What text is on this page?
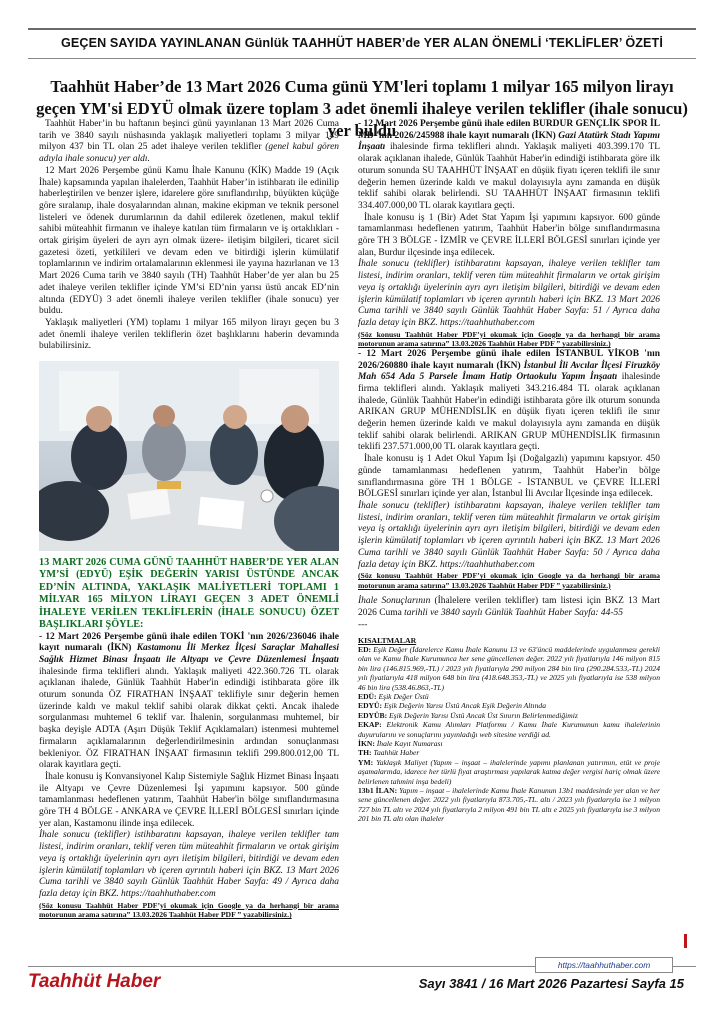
GEÇEN SAYIDA YAYINLANAN Günlük TAAHHÜT HABER’de YER ALAN ÖNEMLİ ‘TEKLİFLER’ ÖZETİ
Taahhüt Haber’de 13 Mart 2026 Cuma günü YM'leri toplamı 1 milyar 165 milyon lirayı geçen YM'si EDYÜ olmak üzere toplam 3 adet önemli ihaleye verilen teklifler (ihale sonucu) yer buldu

Taahhüt Haber’in bu haftanın beşinci günü yayınlanan 13 Mart 2026 Cuma tarih ve 3840 sayılı nüshasında yaklaşık maliyetleri toplamı 3 milyar 149 milyon 437 bin TL olan 25 adet ihaleye verilen teklifler (genel kabul gören adıyla ihale sonucu) yer aldı.

12 Mart 2026 Perşembe günü Kamu İhale Kanunu (KİK) Madde 19 (Açık İhale) kapsamında yapılan ihalelerden, Taahhüt Haber’in istihbaratı ile edinilip haberleştirilen ve benzer işlere, idarelere göre sınıflandırılıp, büyükten küçüğe göre sıralanıp, ihale dosyalarından alınan, makine ekipman ve teknik personel listeleri ve ödenek durumlarının da dahil edilerek özetlenen, makul teklif sahibi müteahhit firmanın ve ihaleye katılan tüm firmaların ve iş ortaklıkları -ortak girişim üyeleri de ayrı ayrı olmak üzere- iletişim bilgileri, ticaret sicil gazetesi özeti, yetkilileri ve devam eden ve bitirdiği işlerin kümülatif toplamlarının ve indirim ortalamalarının eklenmesi ile yayına hazırlanan ve 13 Mart 2026 Cuma tarih ve 3840 sayılı (TH) Taahhüt Haber’de yer alan bu 25 adet ihaleye verilen teklifler içinde YM’si ED’nin yarısı üstü ancak ED’nin altında (EDYÜ) 3 adet önemli ihaleye verilen teklifler (ihale sonucu) yer buldu.

Yaklaşık maliyetleri (YM) toplamı 1 milyar 165 milyon lirayı geçen bu 3 adet önemli ihaleye verilen tekliflerin özet başlıklarını haberin devamında bulabilirsiniz.

13 MART 2026 CUMA GÜNÜ TAAHHÜT HABER’DE YER ALAN YM’Sİ (EDYÜ) EŞİK DEĞERİN YARISI ÜSTÜNDE ANCAK ED’NİN ALTINDA, YAKLAŞIK MALİYETLERİ TOPLAMI 1 MİLYAR 165 MİLYON LİRAYI GEÇEN 3 ADET ÖNEMLİ İHALEYE VERİLEN TEKLİFLERİN (İHALE SONUCU) ÖZET BAŞLIKLARI ŞÖYLE:

- 12 Mart 2026 Perşembe günü ihale edilen TOKİ 'nın 2026/236046 ihale kayıt numaralı (İKN) Kastamonu İli Merkez İlçesi Saraçlar Mahallesi Sağlık Hizmet Binası İnşaatı ile Altyapı ve Çevre Düzenlemesi İnşaatı ihalesinde firma teklifleri alındı. Yaklaşık maliyeti 422.360.726 TL olarak açıklanan ihalede, Günlük Taahhüt Haber'in edindiği istihbarata göre ilk oturum sonunda ÖZ FIRATHAN İNŞAAT teklifiyle sınır değerin hemen üzerinde kaldı ve makul teklif sahibi olarak dikkat çekti. Ancak ihalede sorgulanması muhtemel 6 teklif var. İhalenin, sorgulanması muhtemel, bir başka deyişle ADTA (Aşırı Düşük Teklif Açıklamaları) istenmesi muhtemel firmaların açıklamalarının değerlendirilmesinin ardından sonuçlanması bekleniyor. ÖZ FIRATHAN İNŞAAT firmasının teklifi 299.800.012,00 TL olarak kayıtlara geçti.

İhale konusu iş Konvansiyonel Kalıp Sistemiyle Sağlık Hizmet Binası İnşaatı ile Altyapı ve Çevre Düzenlemesi İşi yapımını kapsıyor. 500 günde tamamlanması hedeflenen yatırım, Taahhüt Haber'in bölge sınıflandırmasına göre TH 4 BÖLGE - ANKARA ve ÇEVRE İLLERİ BÖLGESİ sınırları içinde yer alan, Kastamonu ilinde inşa edilecek.

İhale sonucu (teklifler) istihbaratını kapsayan, ihaleye verilen teklifler tam listesi, indirim oranları, teklif veren tüm müteahhit firmaların ve ortak girişim veya iş ortaklığı üyelerinin ayrı ayrı iletişim bilgileri, bitirdiği ve devam eden işlerin kümülatif toplamları vb içeren ayrıntılı haberi için BKZ. 13 Mart 2026 Cuma tarihli ve 3840 sayılı Günlük Taahhüt Haber Sayfa: 49 / Ayrıca daha fazla detay için BKZ. https://taahhuthaber.com

(Söz konusu Taahhüt Haber PDF’yi okumak için Google ya da herhangi bir arama motorunun arama satırına” 13.03.2026 Taahhüt Haber PDF ” yazabilirsiniz.)

- 12 Mart 2026 Perşembe günü ihale edilen BURDUR GENÇLİK SPOR İL MD 'nın 2026/245988 ihale kayıt numaralı (İKN) Gazi Atatürk Stadı Yapımı İnşaatı ihalesinde firma teklifleri alındı. Yaklaşık maliyeti 403.399.170 TL olarak açıklanan ihalede, Günlük Taahhüt Haber'in edindiği istihbarata göre ilk oturum sonunda SU TAAHHÜT İNŞAAT en düşük fiyatı içeren teklifi ile sınır değerin hemen üzerinde kaldı ve makul dolayısıyla aynı zamanda en düşük teklif sahibi olarak belirlendi. SU TAAHHÜT İNŞAAT firmasının teklifi 334.407.000,00 TL olarak kayıtlara geçti.

İhale konusu iş 1 (Bir) Adet Stat Yapım İşi yapımını kapsıyor. 600 günde tamamlanması hedeflenen yatırım, Taahhüt Haber'in bölge sınıflandırmasına göre TH 3 BÖLGE - İZMİR ve ÇEVRE İLLERİ BÖLGESİ sınırları içinde yer alan, Burdur ilçesinde inşa edilecek.

İhale sonucu (teklifler) istihbaratını kapsayan, ihaleye verilen teklifler tam listesi, indirim oranları, teklif veren tüm müteahhit firmaların ve ortak girişim veya iş ortaklığı üyelerinin ayrı ayrı iletişim bilgileri, bitirdiği ve devam eden işlerin kümülatif toplamları vb içeren ayrıntılı haberi için BKZ. 13 Mart 2026 Cuma tarihli ve 3840 sayılı Günlük Taahhüt Haber Sayfa: 51 / Ayrıca daha fazla detay için BKZ. https://taahhuthaber.com

(Söz konusu Taahhüt Haber PDF’yi okumak için Google ya da herhangi bir arama motorunun arama satırına” 13.03.2026 Taahhüt Haber PDF ” yazabilirsiniz.)

- 12 Mart 2026 Perşembe günü ihale edilen İSTANBUL YİKOB 'nın 2026/260880 ihale kayıt numaralı (İKN) İstanbul İli Avcılar İlçesi Firuzköy Mah 654 Ada 5 Parsele İmam Hatip Ortaokulu Yapım İnşaatı ihalesinde firma teklifleri alındı. Yaklaşık maliyeti 343.216.484 TL olarak açıklanan ihalede, Günlük Taahhüt Haber'in edindiği istihbarata göre ilk oturum sonunda ARIKAN GRUP MÜHENDİSLİK en düşük fiyatı içeren teklifi ile sınır değerin hemen üzerinde kaldı ve makul dolayısıyla aynı zamanda en düşük teklif sahibi olarak belirlendi. ARIKAN GRUP MÜHENDİSLİK firmasının teklifi 237.571.000,00 TL olarak kayıtlara geçti.

İhale konusu iş 1 Adet Okul Yapım İşi (Doğalgazlı) yapımını kapsıyor. 450 günde tamamlanması hedeflenen yatırım, Taahhüt Haber'in bölge sınıflandırmasına göre TH 1 BÖLGE - İSTANBUL ve ÇEVRE İLLERİ BÖLGESİ sınırları içinde yer alan, İstanbul İli Avcılar İlçesinde inşa edilecek.

İhale sonucu (teklifler) istihbaratını kapsayan, ihaleye verilen teklifler tam listesi, indirim oranları, teklif veren tüm müteahhit firmaların ve ortak girişim veya iş ortaklığı üyelerinin ayrı ayrı iletişim bilgileri, bitirdiği ve devam eden işlerin kümülatif toplamları vb içeren ayrıntılı haberi için BKZ. 13 Mart 2026 Cuma tarihli ve 3840 sayılı Günlük Taahhüt Haber Sayfa: 50 / Ayrıca daha fazla detay için BKZ. https://taahhuthaber.com

(Söz konusu Taahhüt Haber PDF’yi okumak için Google ya da herhangi bir arama motorunun arama satırına” 13.03.2026 Taahhüt Haber PDF ” yazabilirsiniz.)

İhale Sonuçlarının (İhalelere verilen teklifler) tam listesi için BKZ 13 Mart 2026 Cuma tarihli ve 3840 sayılı Günlük Taahhüt Haber Sayfa: 44-55

---

KISALTMALAR
ED: Eşik Değer (İdarelerce Kamu İhale Kanunu 13 ve 63'üncü maddelerinde uygulanması gerekli olan ve Kamu İhale Kurumunca her sene güncellenen değer. 2022 yılı fiyatlarıyla 146 milyon 815 bin lira (146.815.969,-TL) / 2023 yılı fiyatlarıyla 290 milyon 284 bin lira (290.284.533,-TL) 2024 yılı fiyatlarıyla 418 milyon 648 bin lira (418.648.353,-TL) ve 2025 yılı fiyatlarıyla ise 538 milyon 46 bin lira (538.46.863,-TL)
EDÜ: Eşik Değer Üstü
EDYÜ: Eşik Değerin Yarısı Üstü Ancak Eşik Değerin Altında
EDYÜB: Eşik Değerin Yarısı Üstü Ancak Üst Sınırın Belirlenmediğimiz
EKAP: Elektronik Kamu Alımları Platformu / Kamu İhale Kurumunun kamu ihalelerinin duyurularını ve sonuçlarını yayınladığı web sitesine verdiği ad.
İKN: İhale Kayıt Numarası
TH: Taahhüt Haber
YM: Yaklaşık Maliyet (Yapım – inşaat – ihalelerinde yapımı planlanan yatırımın, etüt ve proje aşamalarında, idarece her türlü fiyat araştırması yapılarak katma değer vergisi hariç olmak üzere belirlenen tahmini inşa bedeli)
13b1 İLAN: Yapım – inşaat – ihalelerinde Kamu İhale Kanunun 13b1 maddesinde yer alan ve her sene güncellenen değer. 2022 yılı fiyatlarıyla 873.705,-TL. altı / 2023 yılı fiyatlarıyla ise 1 milyon 727 bin TL altı ve 2024 yılı fiyatlarıyla 2 milyon 491 bin TL altı e 2025 yılı fiyatlarıyla ise 3 milyon 201 bin TL altı olan ihaleler
https://taahhuthaber.com
Taahhüt Haber	Sayı 3841 / 16 Mart 2026 Pazartesi Sayfa 15
